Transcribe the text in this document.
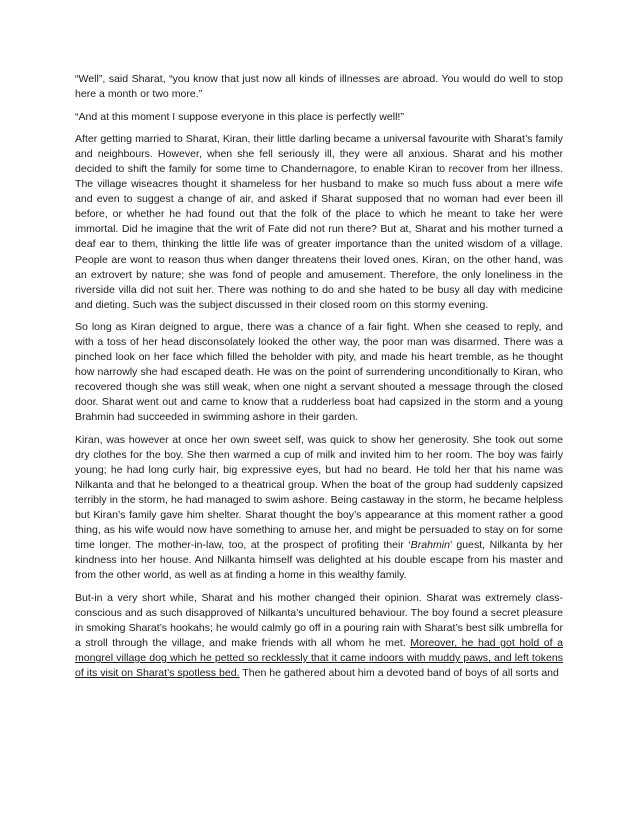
“Well”, said Sharat, “you know that just now all kinds of illnesses are abroad. You would do well to stop here a month or two more.”

“And at this moment I suppose everyone in this place is perfectly well!”

After getting married to Sharat, Kiran, their little darling became a universal favourite with Sharat’s family and neighbours. However, when she fell seriously ill, they were all anxious. Sharat and his mother decided to shift the family for some time to Chandernagore, to enable Kiran to recover from her illness. The village wiseacres thought it shameless for her husband to make so much fuss about a mere wife and even to suggest a change of air, and asked if Sharat supposed that no woman had ever been ill before, or whether he had found out that the folk of the place to which he meant to take her were immortal. Did he imagine that the writ of Fate did not run there? But at, Sharat and his mother turned a deaf ear to them, thinking the little life was of greater importance than the united wisdom of a village. People are wont to reason thus when danger threatens their loved ones. Kiran, on the other hand, was an extrovert by nature; she was fond of people and amusement. Therefore, the only loneliness in the riverside villa did not suit her. There was nothing to do and she hated to be busy all day with medicine and dieting. Such was the subject discussed in their closed room on this stormy evening.

So long as Kiran deigned to argue, there was a chance of a fair fight. When she ceased to reply, and with a toss of her head disconsolately looked the other way, the poor man was disarmed. There was a pinched look on her face which filled the beholder with pity, and made his heart tremble, as he thought how narrowly she had escaped death. He was on the point of surrendering unconditionally to Kiran, who recovered though she was still weak, when one night a servant shouted a message through the closed door. Sharat went out and came to know that a rudderless boat had capsized in the storm and a young Brahmin had succeeded in swimming ashore in their garden.

Kiran, was however at once her own sweet self, was quick to show her generosity. She took out some dry clothes for the boy. She then warmed a cup of milk and invited him to her room. The boy was fairly young; he had long curly hair, big expressive eyes, but had no beard. He told her that his name was Nilkanta and that he belonged to a theatrical group. When the boat of the group had suddenly capsized terribly in the storm, he had managed to swim ashore. Being castaway in the storm, he became helpless but Kiran’s family gave him shelter. Sharat thought the boy’s appearance at this moment rather a good thing, as his wife would now have something to amuse her, and might be persuaded to stay on for some time longer. The mother-in-law, too, at the prospect of profiting their ‘Brahmin’ guest, Nilkanta by her kindness into her house. And Nilkanta himself was delighted at his double escape from his master and from the other world, as well as at finding a home in this wealthy family.

But-in a very short while, Sharat and his mother changed their opinion. Sharat was extremely class-conscious and as such disapproved of Nilkanta’s uncultured behaviour. The boy found a secret pleasure in smoking Sharat’s hookahs; he would calmly go off in a pouring rain with Sharat’s best silk umbrella for a stroll through the village, and make friends with all whom he met. Moreover, he had got hold of a mongrel village dog which he petted so recklessly that it came indoors with muddy paws, and left tokens of its visit on Sharat’s spotless bed. Then he gathered about him a devoted band of boys of all sorts and
